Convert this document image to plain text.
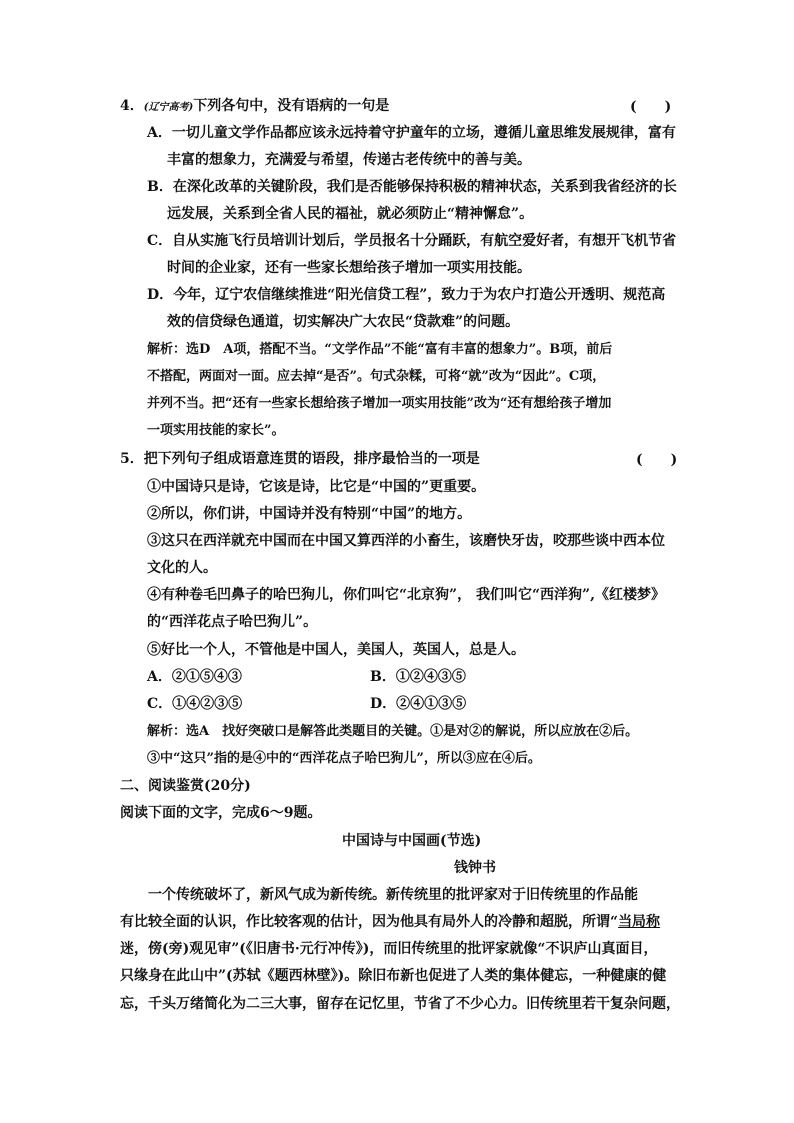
4．(辽宁高考)下列各句中，没有语病的一句是	(　　)
A．一切儿童文学作品都应该永远持着守护童年的立场，遵循儿童思维发展规律，富有
丰富的想象力，充满爱与希望，传递古老传统中的善与美。
B．在深化改革的关键阶段，我们是否能够保持积极的精神状态，关系到我省经济的长
远发展，关系到全省人民的福祉，就必须防止“精神懈怠”。
C．自从实施飞行员培训计划后，学员报名十分踊跃，有航空爱好者，有想开飞机节省
时间的企业家，还有一些家长想给孩子增加一项实用技能。
D．今年，辽宁农信继续推进“阳光信贷工程”，致力于为农户打造公开透明、规范高
效的信贷绿色通道，切实解决广大农民“贷款难”的问题。
解析：选D　A项，搭配不当。“文学作品”不能“富有丰富的想象力”。B项，前后
不搭配，两面对一面。应去掉“是否”。句式杂糅，可将“就”改为“因此”。C项，
并列不当。把“还有一些家长想给孩子增加一项实用技能”改为“还有想给孩子增加
一项实用技能的家长”。
5．把下列句子组成语意连贯的语段，排序最恰当的一项是	(　　)
①中国诗只是诗，它该是诗，比它是“中国的”更重要。
②所以，你们讲，中国诗并没有特别“中国”的地方。
③这只在西洋就充中国而在中国又算西洋的小畜生，该磨快牙齿，咬那些谈中西本位
文化的人。
④有种卷毛凹鼻子的哈巴狗儿，你们叫它“北京狗”， 我们叫它“西洋狗”,《红楼梦》
的“西洋花点子哈巴狗儿”。
⑤好比一个人，不管他是中国人，美国人，英国人，总是人。
A．②①⑤④③	B．①②④③⑤
C．①④②③⑤	D．②④①③⑤
解析：选A　找好突破口是解答此类题目的关键。①是对②的解说，所以应放在②后。
③中“这只”指的是④中的“西洋花点子哈巴狗儿”，所以③应在④后。
二、阅读鉴赏(20分)
阅读下面的文字，完成6～9题。
中国诗与中国画(节选)
钱钟书
　　一个传统破坏了，新风气成为新传统。新传统里的批评家对于旧传统里的作品能
有比较全面的认识，作比较客观的估计，因为他具有局外人的冷静和超脱，所谓“当局称
迷，傍(旁)观见审”(《旧唐书·元行冲传》)，而旧传统里的批评家就像“不识庐山真面目，
只缘身在此山中”(苏轼《题西林壁》)。除旧布新也促进了人类的集体健忘，一种健康的健
忘，千头万绪简化为二三大事，留存在记忆里，节省了不少心力。旧传统里若干复杂问题，
